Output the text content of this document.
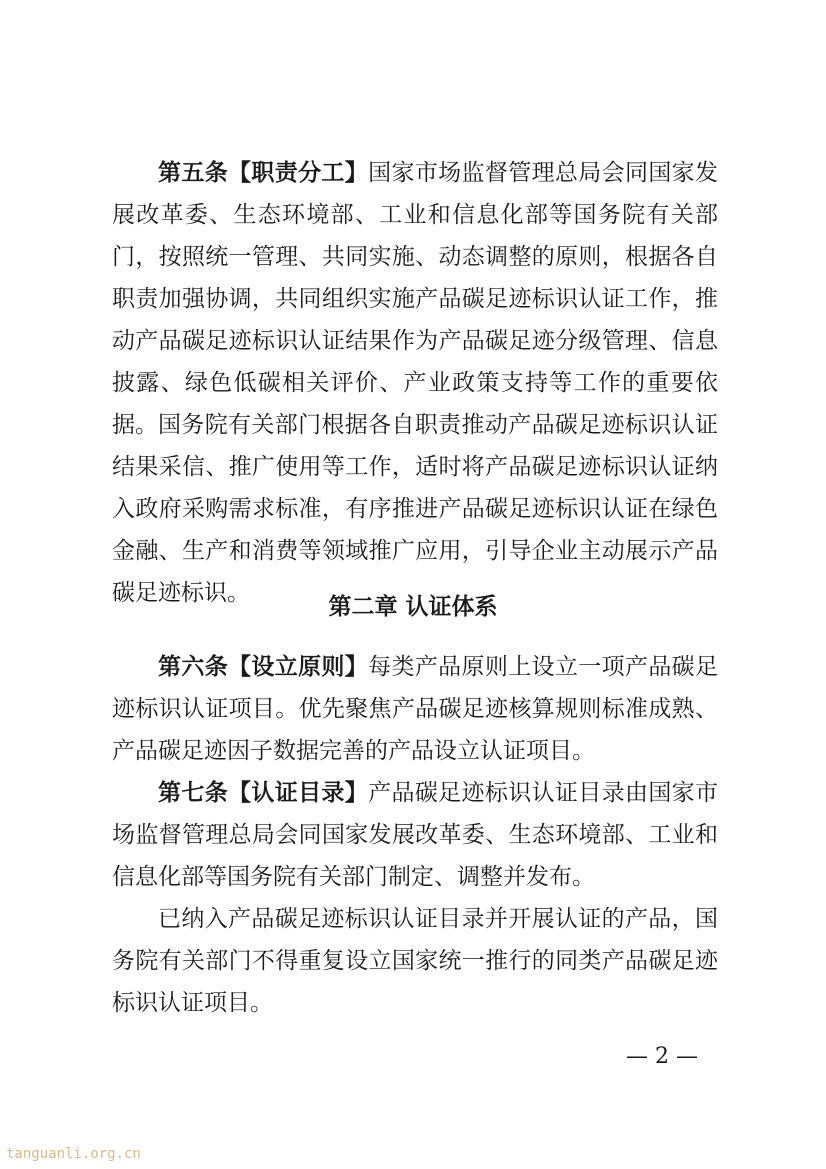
第五条【职责分工】国家市场监督管理总局会同国家发展改革委、生态环境部、工业和信息化部等国务院有关部门，按照统一管理、共同实施、动态调整的原则，根据各自职责加强协调，共同组织实施产品碳足迹标识认证工作，推动产品碳足迹标识认证结果作为产品碳足迹分级管理、信息披露、绿色低碳相关评价、产业政策支持等工作的重要依据。 国务院有关部门根据各自职责推动产品碳足迹标识认证结果采信、推广使用等工作，适时将产品碳足迹标识认证纳入政府采购需求标准，有序推进产品碳足迹标识认证在绿色金融、生产和消费等领域推广应用，引导企业主动展示产品碳足迹标识。

第二章 认证体系

第六条【设立原则】每类产品原则上设立一项产品碳足迹标识认证项目。优先聚焦产品碳足迹核算规则标准成熟、产品碳足迹因子数据完善的产品设立认证项目。

第七条【认证目录】产品碳足迹标识认证目录由国家市场监督管理总局会同国家发展改革委、生态环境部、工业和信息化部等国务院有关部门制定、调整并发布。

已纳入产品碳足迹标识认证目录并开展认证的产品，国务院有关部门不得重复设立国家统一推行的同类产品碳足迹标识认证项目。

— 2 —
tanguanli.org.cn
